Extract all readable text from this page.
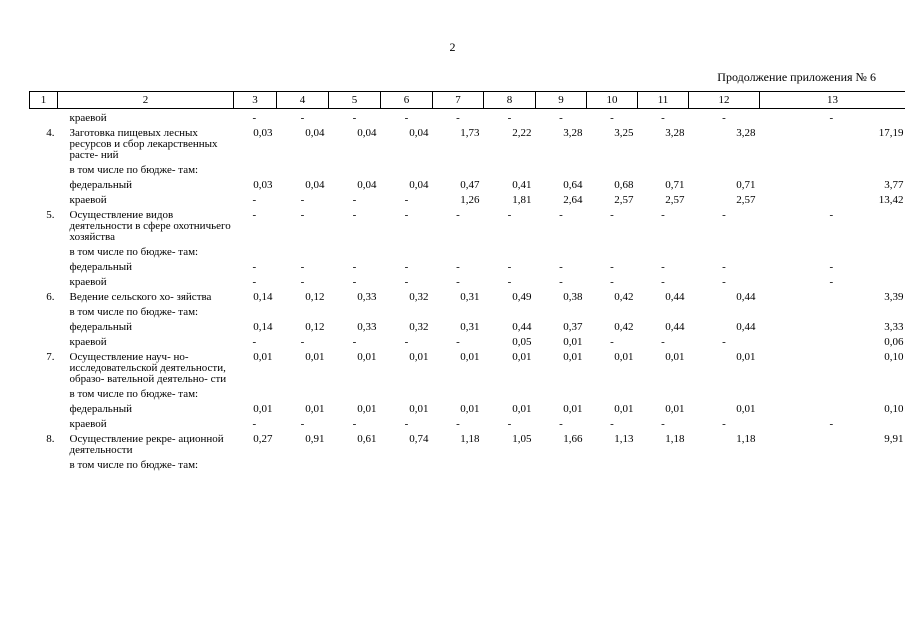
2
Продолжение приложения № 6
1	2	3	4	5	6	7	8	9	10	11	12	13
	краевой	-	-	-	-	-	-	-	-	-	-	-
4.	Заготовка пищевых лесных ресурсов и сбор лекарственных расте- ний	0,03	0,04	0,04	0,04	1,73	2,22	3,28	3,25	3,28	3,28	17,19
	в том числе по бюдже- там:											
	федеральный	0,03	0,04	0,04	0,04	0,47	0,41	0,64	0,68	0,71	0,71	3,77
	краевой	-	-	-	-	1,26	1,81	2,64	2,57	2,57	2,57	13,42
5.	Осуществление видов деятельности в сфере охотничьего хозяйства	-	-	-	-	-	-	-	-	-	-	-
	в том числе по бюдже- там:											
	федеральный	-	-	-	-	-	-	-	-	-	-	-
	краевой	-	-	-	-	-	-	-	-	-	-	-
6.	Ведение сельского хо- зяйства	0,14	0,12	0,33	0,32	0,31	0,49	0,38	0,42	0,44	0,44	3,39
	в том числе по бюдже- там:											
	федеральный	0,14	0,12	0,33	0,32	0,31	0,44	0,37	0,42	0,44	0,44	3,33
	краевой	-	-	-	-	-	0,05	0,01	-	-	-	0,06
7.	Осуществление науч- но-исследовательской деятельности, образо- вательной деятельно- сти	0,01	0,01	0,01	0,01	0,01	0,01	0,01	0,01	0,01	0,01	0,10
	в том числе по бюдже- там:											
	федеральный	0,01	0,01	0,01	0,01	0,01	0,01	0,01	0,01	0,01	0,01	0,10
	краевой	-	-	-	-	-	-	-	-	-	-	-
8.	Осуществление рекре- ационной деятельности	0,27	0,91	0,61	0,74	1,18	1,05	1,66	1,13	1,18	1,18	9,91
	в том числе по бюдже- там:											
